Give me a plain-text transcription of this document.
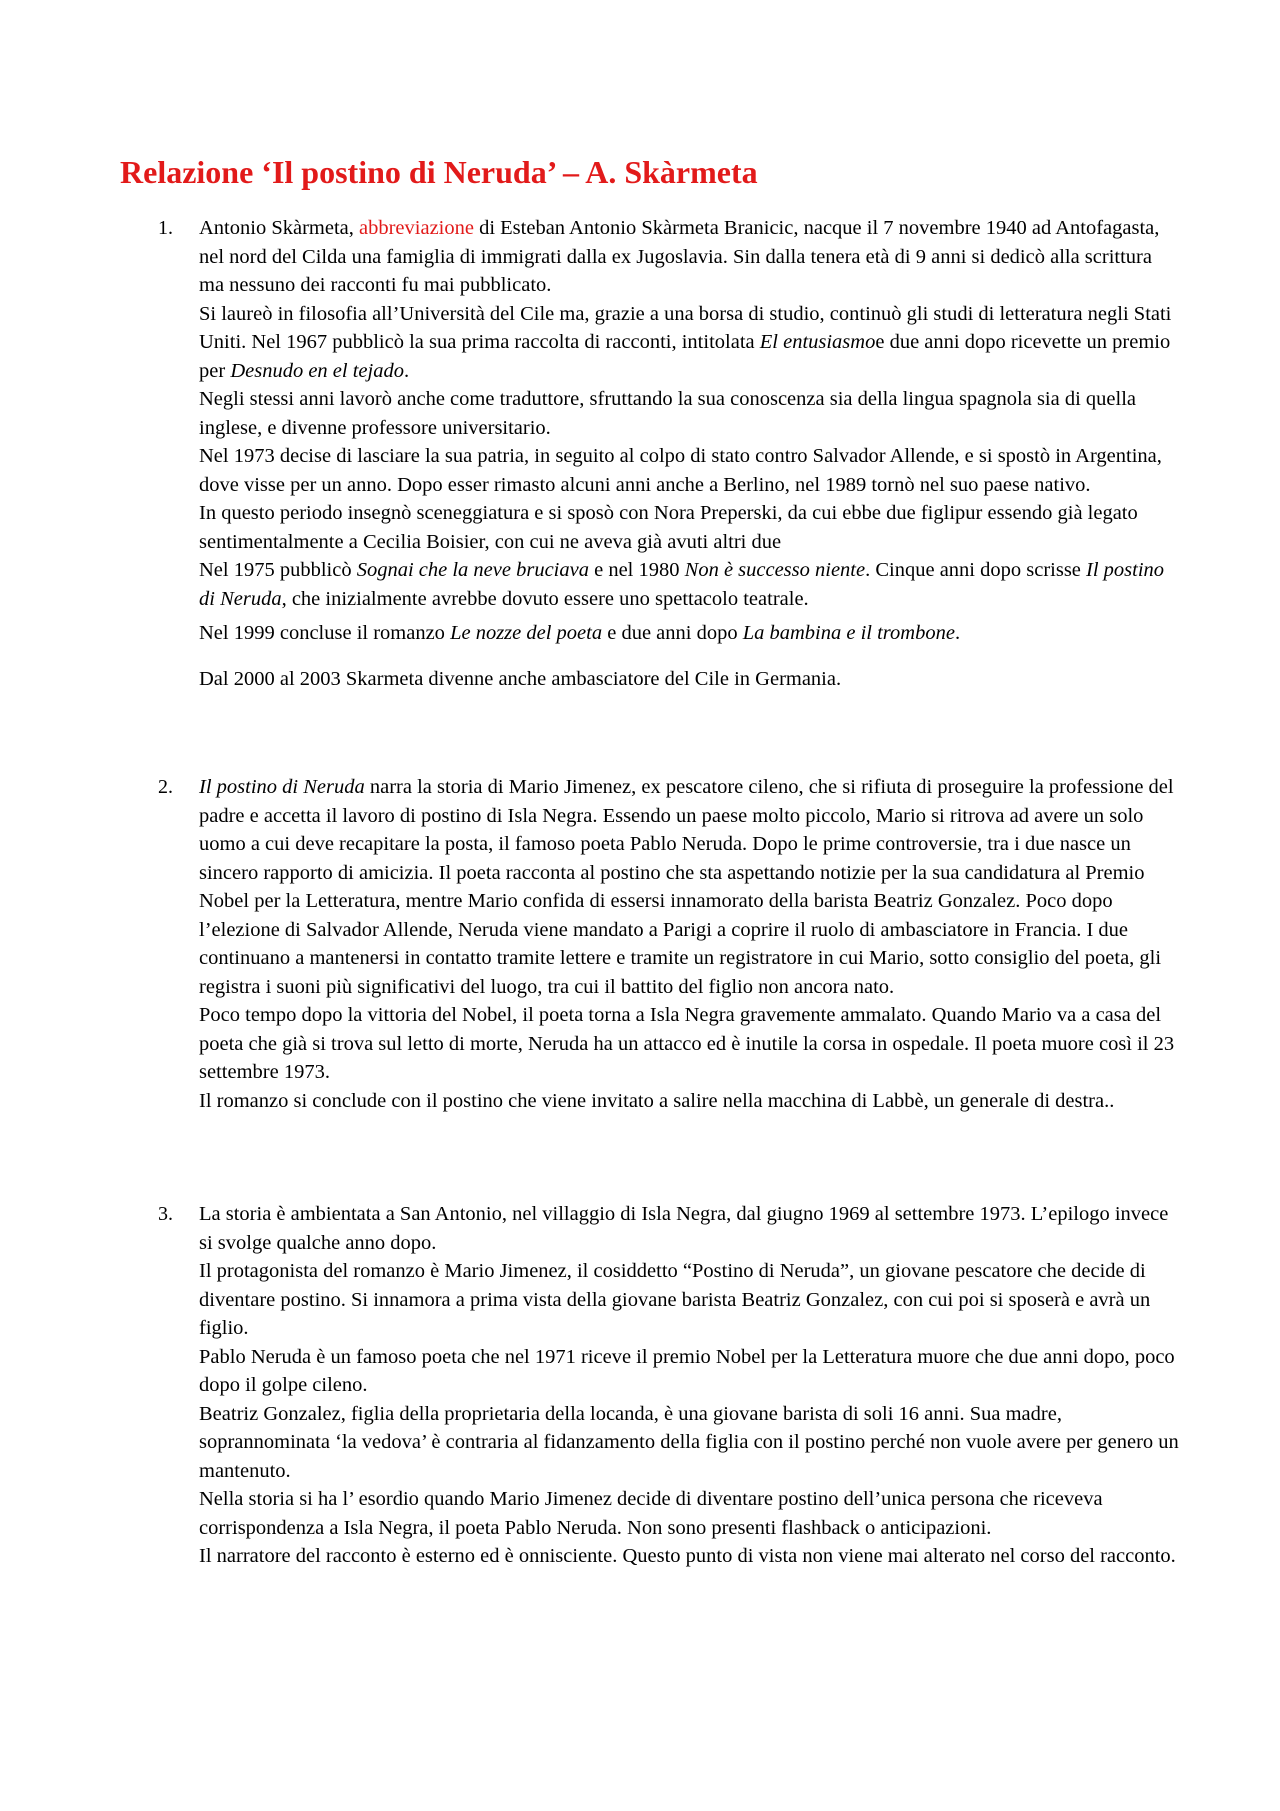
Relazione ‘Il postino di Neruda’ – A. Skàrmeta
1. Antonio Skàrmeta, abbreviazione di Esteban Antonio Skàrmeta Branicic, nacque il 7 novembre 1940 ad Antofagasta, nel nord del Cilda una famiglia di immigrati dalla ex Jugoslavia. Sin dalla tenera età di 9 anni si dedicò alla scrittura ma nessuno dei racconti fu mai pubblicato.

Si laureò in filosofia all’Università del Cile ma, grazie a una borsa di studio, continuò gli studi di letteratura negli Stati Uniti. Nel 1967 pubblicò la sua prima raccolta di racconti, intitolata El entusiasmoe due anni dopo ricevette un premio per Desnudo en el tejado.

Negli stessi anni lavorò anche come traduttore, sfruttando la sua conoscenza sia della lingua spagnola sia di quella inglese, e divenne professore universitario.

Nel 1973 decise di lasciare la sua patria, in seguito al colpo di stato contro Salvador Allende, e si spostò in Argentina, dove visse per un anno. Dopo esser rimasto alcuni anni anche a Berlino, nel 1989 tornò nel suo paese nativo.

In questo periodo insegnò sceneggiatura e si sposò con Nora Preperski, da cui ebbe due figlipur essendo già legato sentimentalmente a Cecilia Boisier, con cui ne aveva già avuti altri due

Nel 1975 pubblicò Sognai che la neve bruciava e nel 1980 Non è successo niente. Cinque anni dopo scrisse Il postino di Neruda, che inizialmente avrebbe dovuto essere uno spettacolo teatrale.

Nel 1999 concluse il romanzo Le nozze del poeta e due anni dopo La bambina e il trombone.

Dal 2000 al 2003 Skarmeta divenne anche ambasciatore del Cile in Germania.

2. Il postino di Neruda narra la storia di Mario Jimenez, ex pescatore cileno, che si rifiuta di proseguire la professione del padre e accetta il lavoro di postino di Isla Negra. Essendo un paese molto piccolo, Mario si ritrova ad avere un solo uomo a cui deve recapitare la posta, il famoso poeta Pablo Neruda. Dopo le prime controversie, tra i due nasce un sincero rapporto di amicizia. Il poeta racconta al postino che sta aspettando notizie per la sua candidatura al Premio Nobel per la Letteratura, mentre Mario confida di essersi innamorato della barista Beatriz Gonzalez. Poco dopo l’elezione di Salvador Allende, Neruda viene mandato a Parigi a coprire il ruolo di ambasciatore in Francia. I due continuano a mantenersi in contatto tramite lettere e tramite un registratore in cui Mario, sotto consiglio del poeta, gli registra i suoni più significativi del luogo, tra cui il battito del figlio non ancora nato.

Poco tempo dopo la vittoria del Nobel, il poeta torna a Isla Negra gravemente ammalato. Quando Mario va a casa del poeta che già si trova sul letto di morte, Neruda ha un attacco ed è inutile la corsa in ospedale. Il poeta muore così il 23 settembre 1973.

Il romanzo si conclude con il postino che viene invitato a salire nella macchina di Labbè, un generale di destra..

3. La storia è ambientata a San Antonio, nel villaggio di Isla Negra, dal giugno 1969 al settembre 1973. L’epilogo invece si svolge qualche anno dopo.

Il protagonista del romanzo è Mario Jimenez, il cosiddetto “Postino di Neruda”, un giovane pescatore che decide di diventare postino. Si innamora a prima vista della giovane barista Beatriz Gonzalez, con cui poi si sposerà e avrà un figlio.

Pablo Neruda è un famoso poeta che nel 1971 riceve il premio Nobel per la Letteratura muore che due anni dopo, poco dopo il golpe cileno.

Beatriz Gonzalez, figlia della proprietaria della locanda, è una giovane barista di soli 16 anni. Sua madre, soprannominata ‘la vedova’ è contraria al fidanzamento della figlia con il postino perché non vuole avere per genero un mantenuto.

Nella storia si ha l’ esordio quando Mario Jimenez decide di diventare postino dell’unica persona che riceveva corrispondenza a Isla Negra, il poeta Pablo Neruda. Non sono presenti flashback o anticipazioni.

Il narratore del racconto è esterno ed è onnisciente. Questo punto di vista non viene mai alterato nel corso del racconto.
